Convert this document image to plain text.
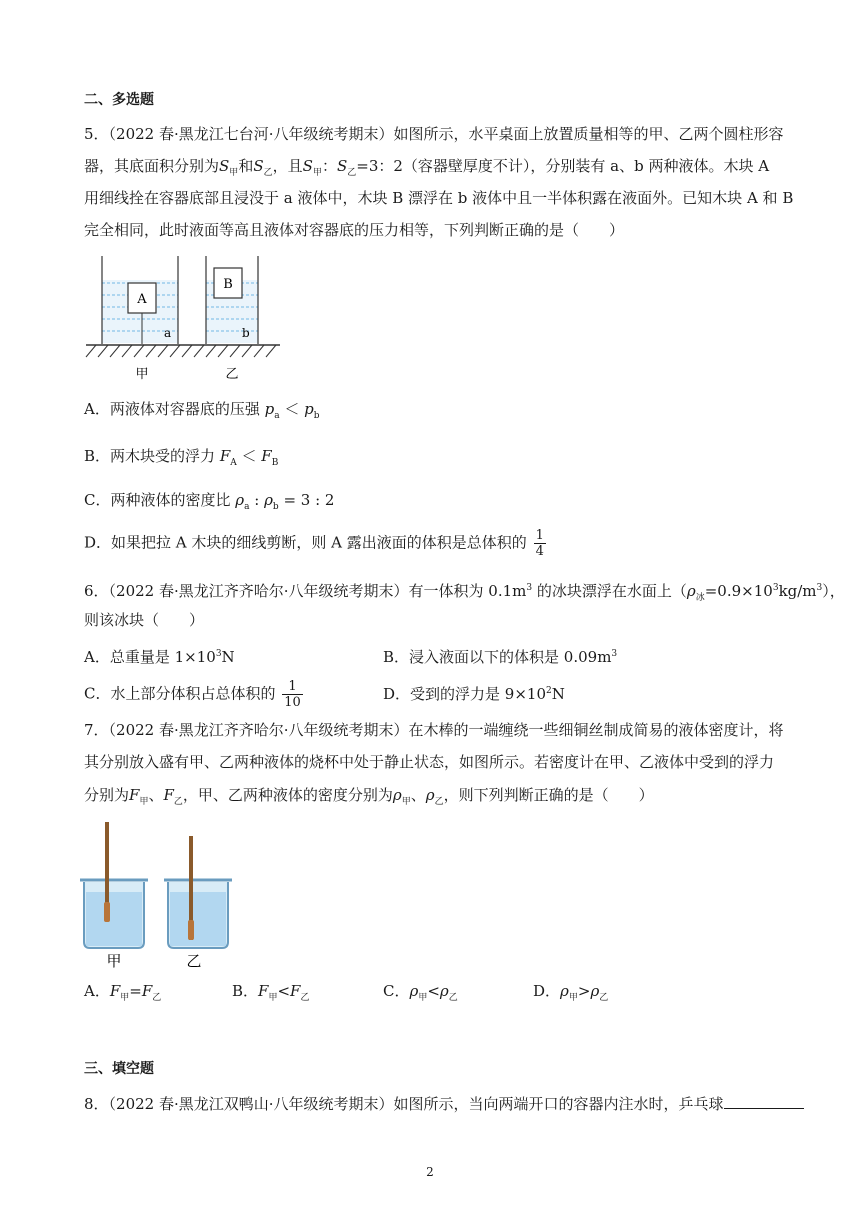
二、多选题
5．（2022 春·黑龙江七台河·八年级统考期末）如图所示，水平桌面上放置质量相等的甲、乙两个圆柱形容
器，其底面积分别为$S_甲$和$S_乙$，且$S_甲$：$S_乙=3$：2（容器壁厚度不计），分别装有 a、b 两种液体。木块 A
用细线拴在容器底部且浸没于 a 液体中，木块 B 漂浮在 b 液体中且一半体积露在液面外。已知木块 A 和 B
完全相同，此时液面等高且液体对容器底的压力相等，下列判断正确的是（　　）
A
a
B
b
甲	乙
A．两液体对容器底的压强 $p_a < p_b$
B．两木块受的浮力 $F_A < F_B$
C．两种液体的密度比 $\rho_a$ : $\rho_b = 3$ : 2
D．如果把拉 A 木块的细线剪断，则 A 露出液面的体积是总体积的 $\frac{1}{4}$
6．（2022 春·黑龙江齐齐哈尔·八年级统考期末）有一体积为 $0.1m^3$ 的冰块漂浮在水面上$(\rho_冰=0.9\times 10^3kg/m^3)$，
则该冰块（　　）
A．总重量是 $1\times 10^3N$	B．浸入液面以下的体积是 $0.09m^3$
C．水上部分体积占总体积的 $\frac{1}{10}$	D．受到的浮力是 $9\times 10^2N$
7．（2022 春·黑龙江齐齐哈尔·八年级统考期末）在木棒的一端缠绕一些细铜丝制成简易的液体密度计，将
其分别放入盛有甲、乙两种液体的烧杯中处于静止状态，如图所示。若密度计在甲、乙液体中受到的浮力
分别为$F_甲$、$F_乙$，甲、乙两种液体的密度分别为$\rho_甲$、$\rho_乙$，则下列判断正确的是（　　）
甲	乙
A．$F_甲=F_乙$	B．$F_甲<F_乙$	C．$\rho_甲<\rho_乙$	D．$\rho_甲>\rho_乙$
三、填空题
8．（2022 春·黑龙江双鸭山·八年级统考期末）如图所示，当向两端开口的容器内注水时，乒乓球
2
